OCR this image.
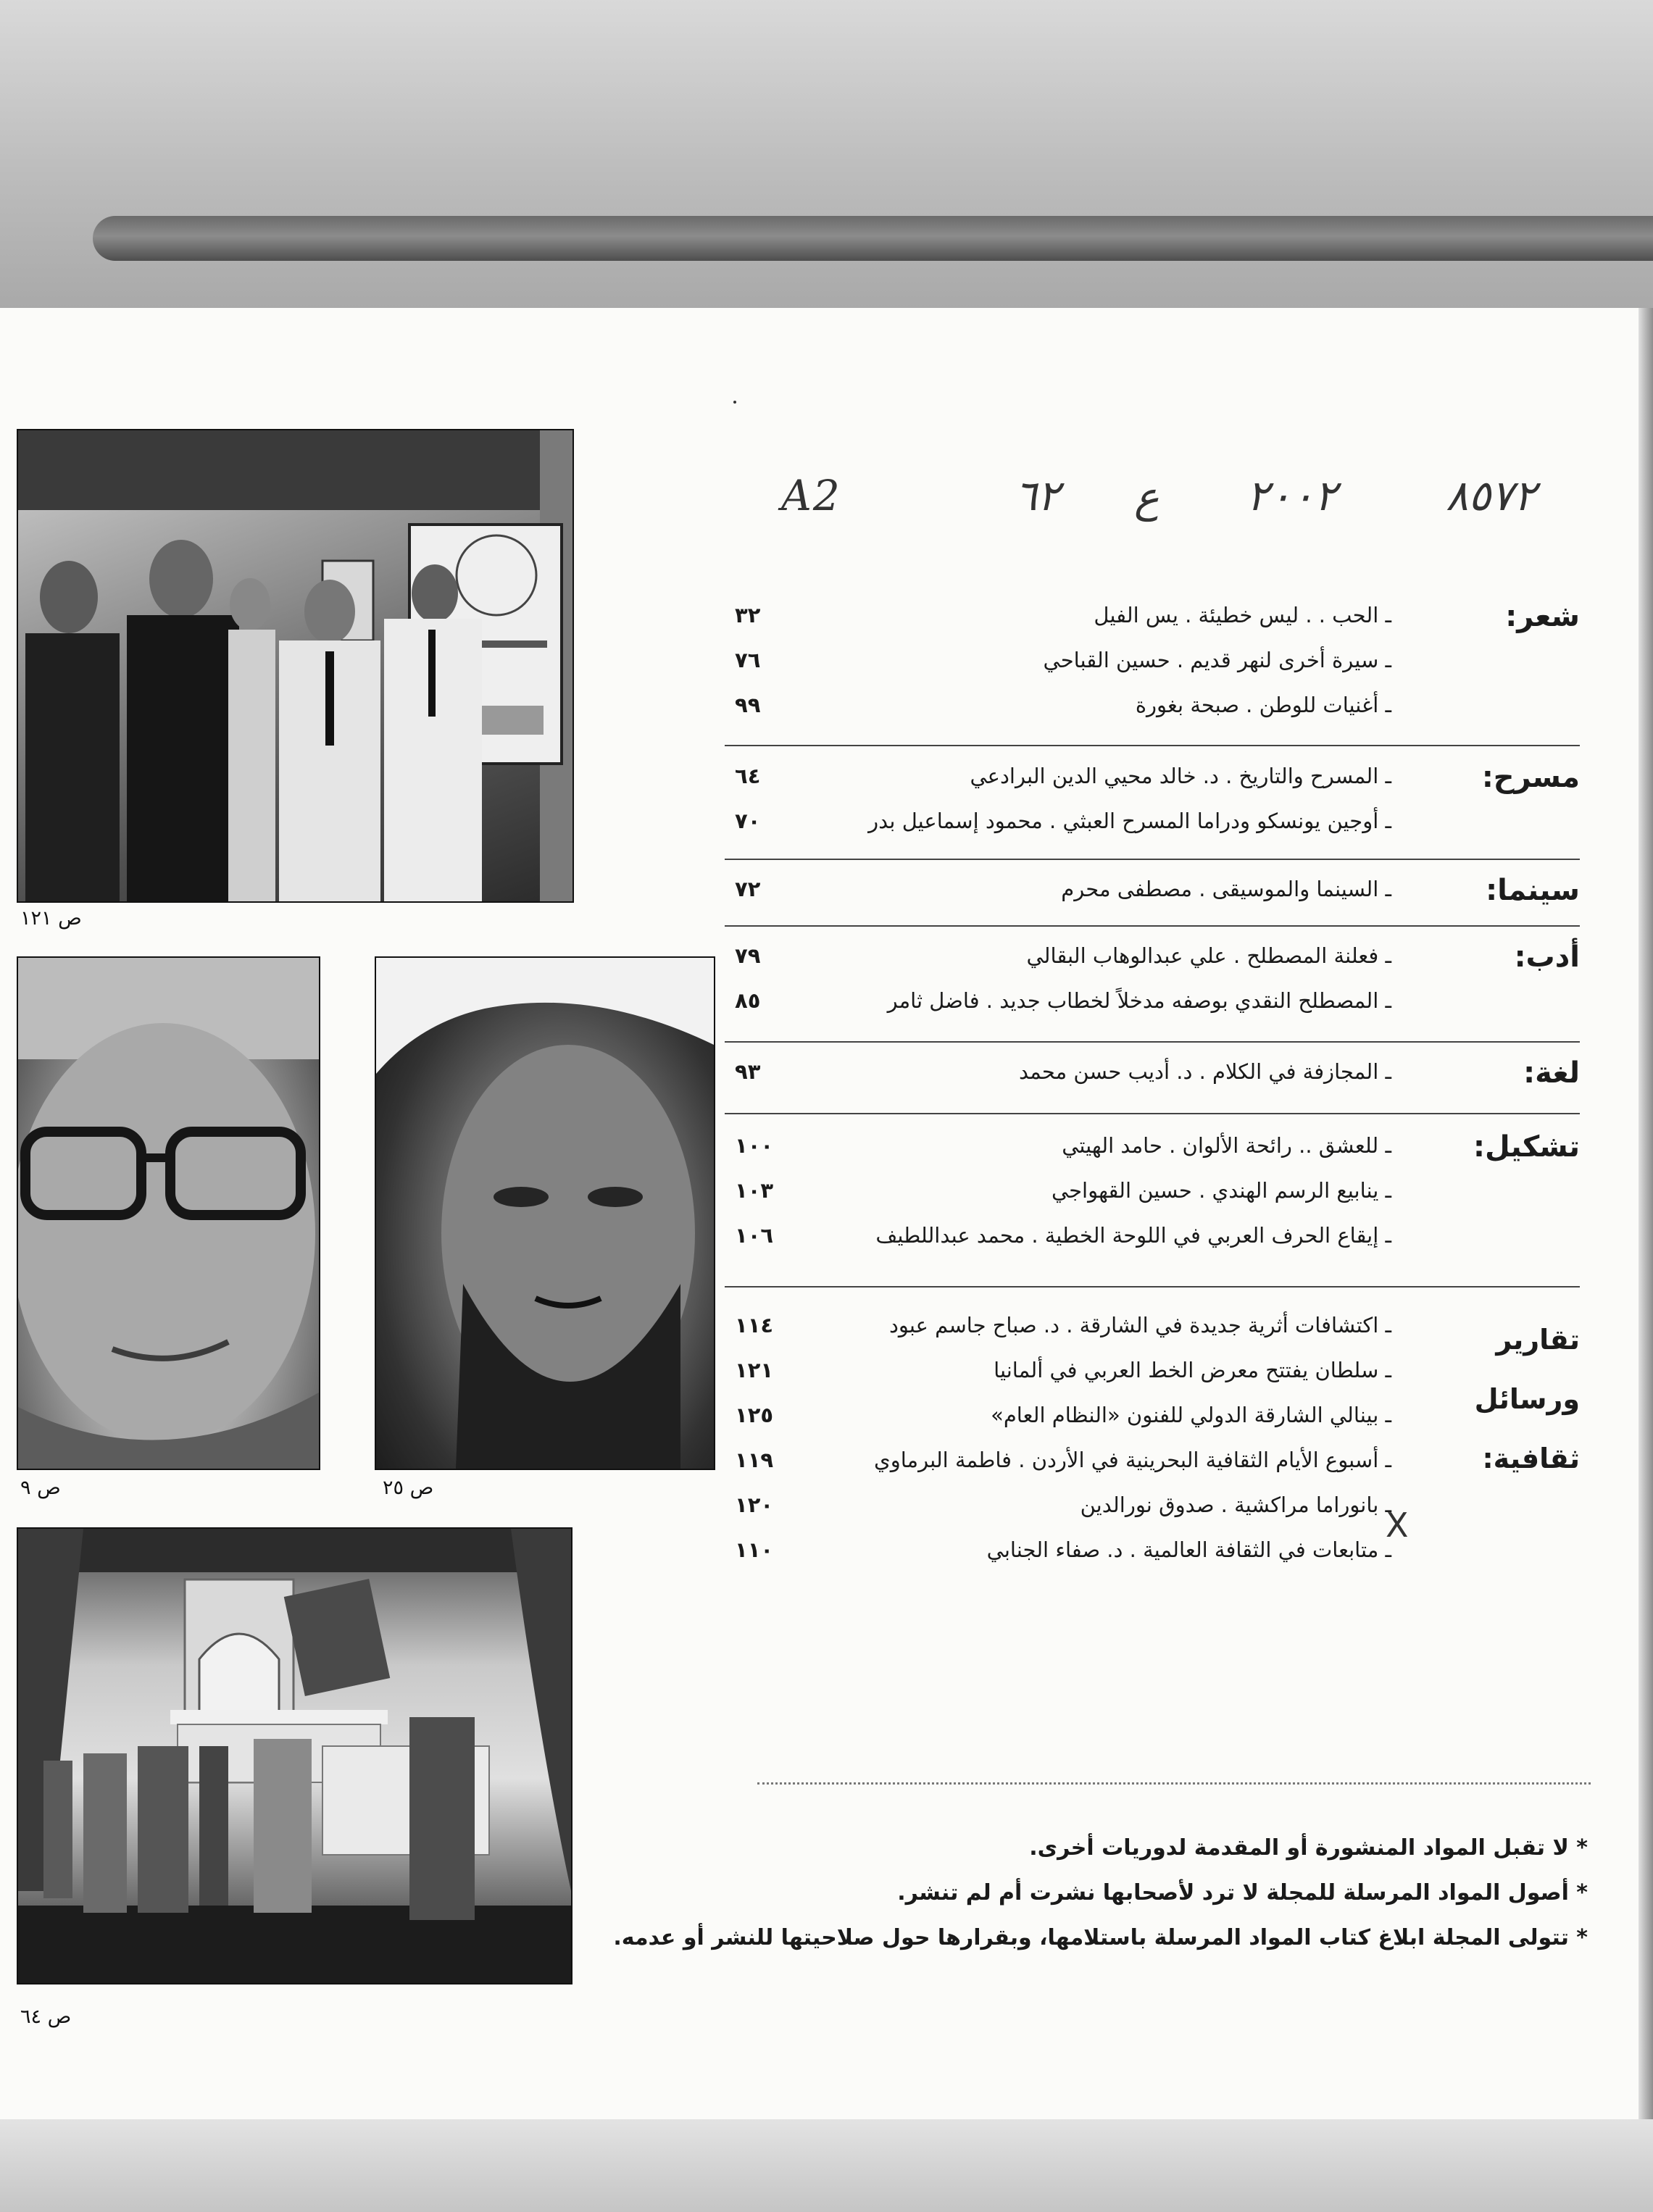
ص ١٢١
ص ٢٥
ص ٩
ص ٦٤
٨٥٧٢
٢٠٠٢
ع
٦٢
A2
شعر:
ـ الحب . . ليس خطيئة . يس الفيل
٣٢
ـ سيرة أخرى لنهر قديم . حسين القباحي
٧٦
ـ أغنيات للوطن . صبحة بغورة
٩٩
مسرح:
ـ المسرح والتاريخ . د. خالد محيي الدين البرادعي
٦٤
ـ أوجين يونسكو ودراما المسرح العبثي . محمود إسماعيل بدر
٧٠
سينما:
ـ السينما والموسيقى . مصطفى محرم
٧٢
أدب:
ـ فعلنة المصطلح . علي عبدالوهاب البقالي
٧٩
ـ المصطلح النقدي بوصفه مدخلاً لخطاب جديد . فاضل ثامر
٨٥
لغة:
ـ المجازفة في الكلام . د. أديب حسن محمد
٩٣
تشكيل:
ـ للعشق .. رائحة الألوان . حامد الهيتي
١٠٠
ـ ينابيع الرسم الهندي . حسين القهواجي
١٠٣
ـ إيقاع الحرف العربي في اللوحة الخطية . محمد عبداللطيف
١٠٦
تقارير ورسائل ثقافية:
ـ اكتشافات أثرية جديدة في الشارقة . د. صباح جاسم عبود
١١٤
ـ سلطان يفتتح معرض الخط العربي في ألمانيا
١٢١
ـ بينالي الشارقة الدولي للفنون «النظام العام»
١٢٥
ـ أسبوع الأيام الثقافية البحرينية في الأردن . فاطمة البرماوي
١١٩
ـ بانوراما مراكشية . صدوق نورالدين
١٢٠
ـ متابعات في الثقافة العالمية . د. صفاء الجنابي
١١٠
X
* لا تقبل المواد المنشورة أو المقدمة لدوريات أخرى.
* أصول المواد المرسلة للمجلة لا ترد لأصحابها نشرت أم لم تنشر.
* تتولى المجلة ابلاغ كتاب المواد المرسلة باستلامها، وبقرارها حول صلاحيتها للنشر أو عدمه.
